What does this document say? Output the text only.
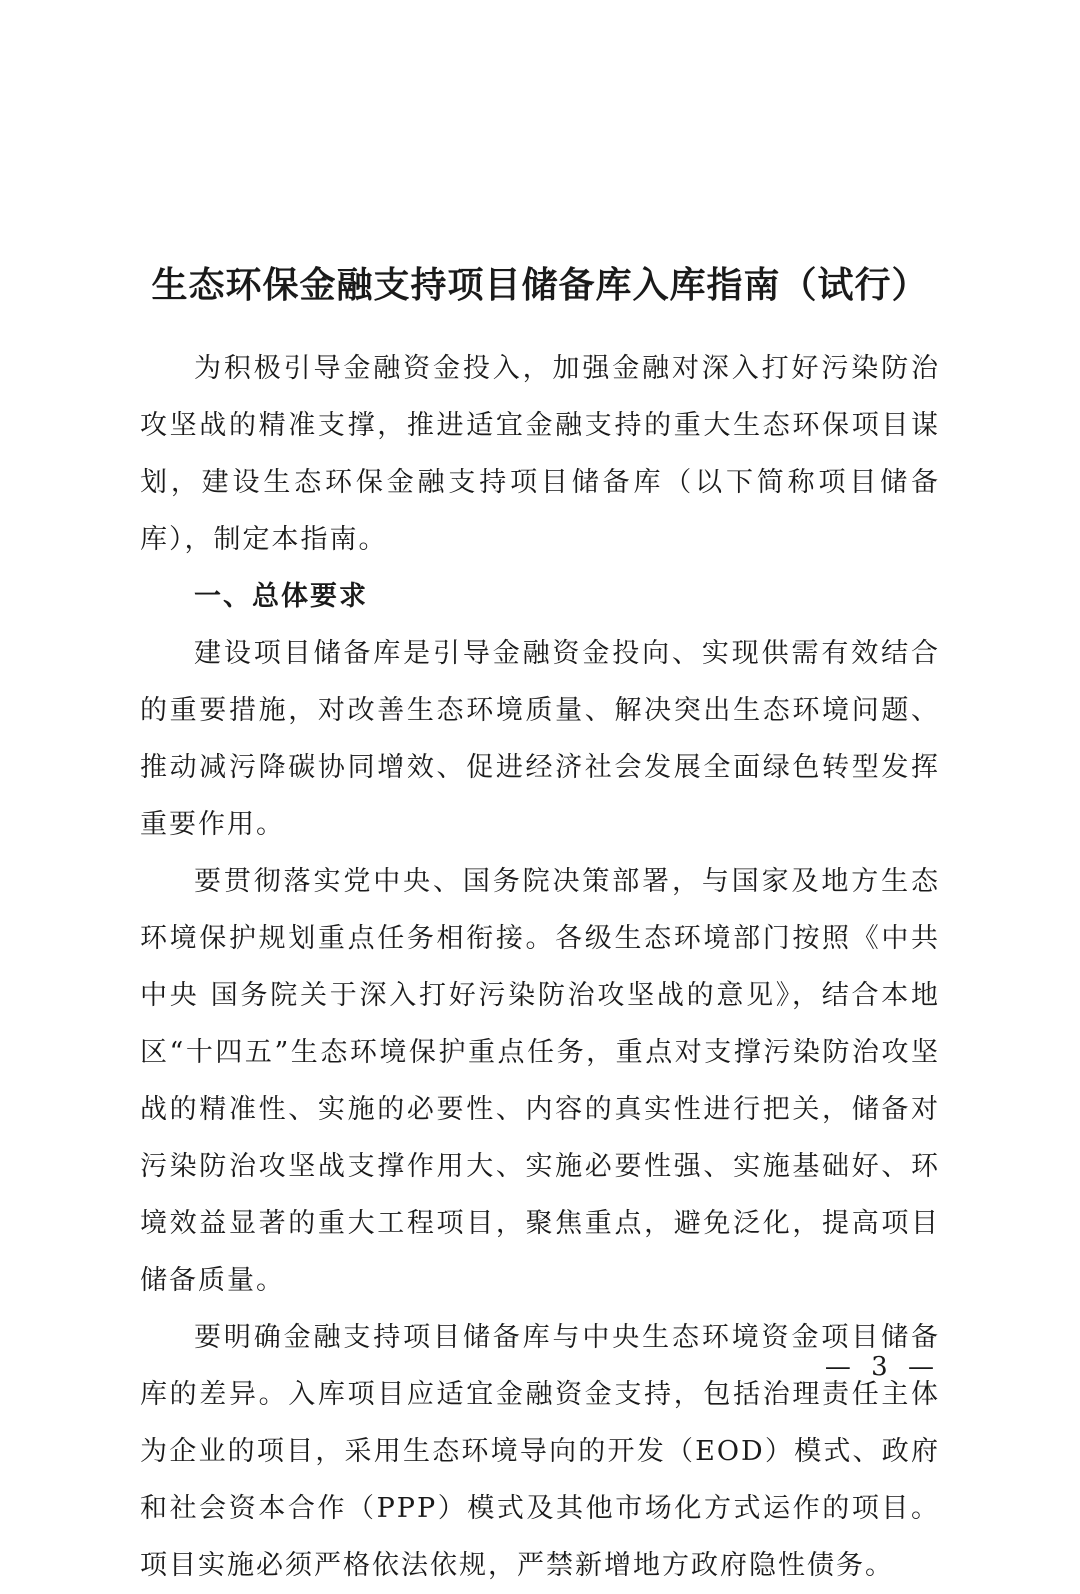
生态环保金融支持项目储备库入库指南（试行）

为积极引导金融资金投入，加强金融对深入打好污染防治攻坚战的精准支撑，推进适宜金融支持的重大生态环保项目谋划，建设生态环保金融支持项目储备库（以下简称项目储备库），制定本指南。

一、总体要求

建设项目储备库是引导金融资金投向、实现供需有效结合的重要措施，对改善生态环境质量、解决突出生态环境问题、推动减污降碳协同增效、促进经济社会发展全面绿色转型发挥重要作用。

要贯彻落实党中央、国务院决策部署，与国家及地方生态环境保护规划重点任务相衔接。各级生态环境部门按照《中共中央 国务院关于深入打好污染防治攻坚战的意见》，结合本地区“十四五”生态环境保护重点任务，重点对支撑污染防治攻坚战的精准性、实施的必要性、内容的真实性进行把关，储备对污染防治攻坚战支撑作用大、实施必要性强、实施基础好、环境效益显著的重大工程项目，聚焦重点，避免泛化，提高项目储备质量。

要明确金融支持项目储备库与中央生态环境资金项目储备库的差异。入库项目应适宜金融资金支持，包括治理责任主体为企业的项目，采用生态环境导向的开发（EOD）模式、政府和社会资本合作（PPP）模式及其他市场化方式运作的项目。项目实施必须严格依法依规，严禁新增地方政府隐性债务。

— 3 —
